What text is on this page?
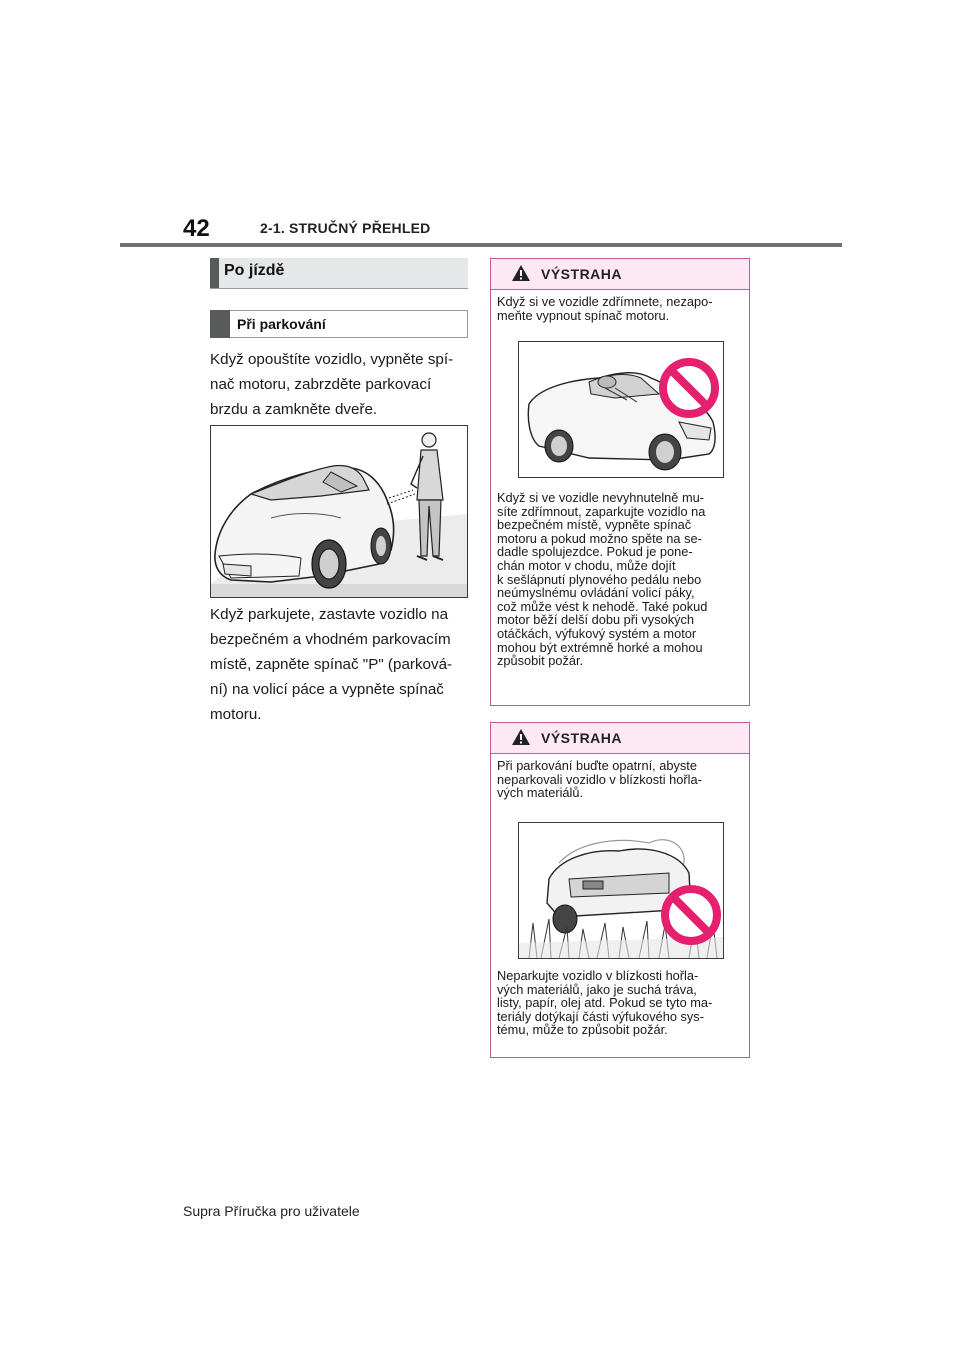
42	2-1. STRUČNÝ PŘEHLED
Po jízdě
Při parkování
Když opouštíte vozidlo, vypněte spí-
nač motoru, zabrzděte parkovací
brzdu a zamkněte dveře.
Když parkujete, zastavte vozidlo na
bezpečném a vhodném parkovacím
místě, zapněte spínač "P" (parková-
ní) na volicí páce a vypněte spínač
motoru.
VÝSTRAHA
Když si ve vozidle zdřímnete, nezapo-
meňte vypnout spínač motoru.
Když si ve vozidle nevyhnutelně mu-
síte zdřímnout, zaparkujte vozidlo na
bezpečném místě, vypněte spínač
motoru a pokud možno spěte na se-
dadle spolujezdce. Pokud je pone-
chán motor v chodu, může dojít
k sešlápnutí plynového pedálu nebo
neúmyslnému ovládání volicí páky,
což může vést k nehodě. Také pokud
motor běží delší dobu při vysokých
otáčkách, výfukový systém a motor
mohou být extrémně horké a mohou
způsobit požár.
VÝSTRAHA
Při parkování buďte opatrní, abyste
neparkovali vozidlo v blízkosti hořla-
vých materiálů.
Neparkujte vozidlo v blízkosti hořla-
vých materiálů, jako je suchá tráva,
listy, papír, olej atd. Pokud se tyto ma-
teriály dotýkají části výfukového sys-
tému, může to způsobit požár.
Supra Příručka pro uživatele
